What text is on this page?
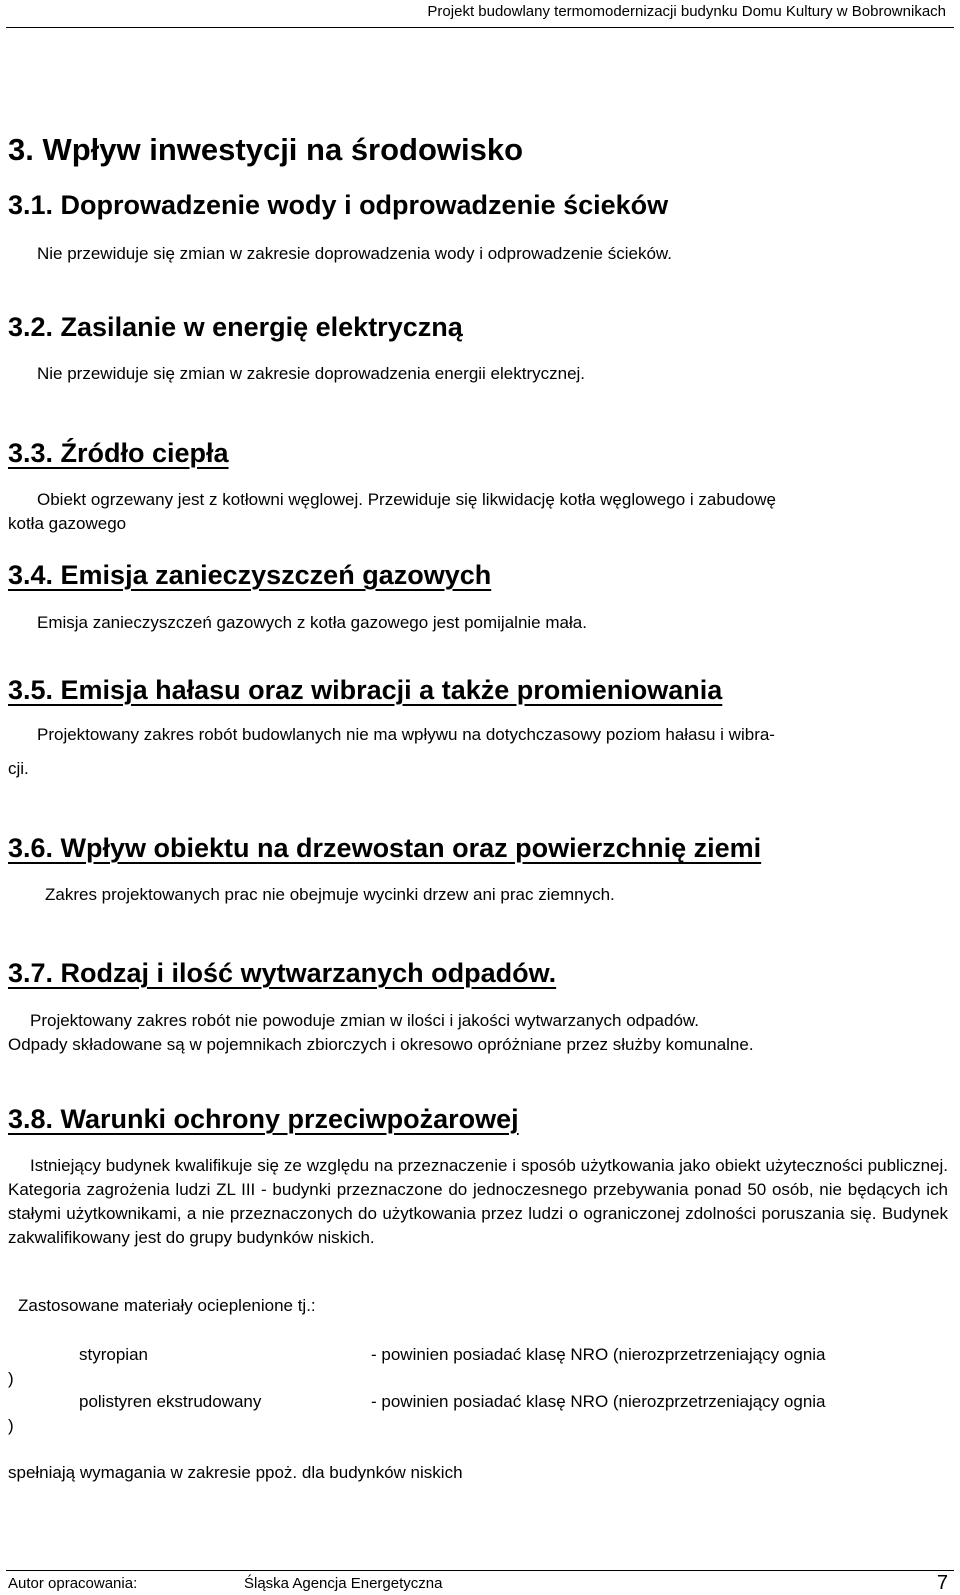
Projekt budowlany termomodernizacji budynku Domu Kultury w Bobrownikach
3. Wpływ inwestycji na środowisko
3.1. Doprowadzenie wody i odprowadzenie ścieków
Nie przewiduje się zmian w zakresie doprowadzenia wody i odprowadzenie ścieków.
3.2. Zasilanie w energię elektryczną
Nie przewiduje się zmian w zakresie doprowadzenia energii elektrycznej.
3.3. Źródło ciepła
Obiekt ogrzewany jest z kotłowni węglowej. Przewiduje się likwidację kotła węglowego i zabudowę
kotła gazowego
3.4. Emisja zanieczyszczeń gazowych
Emisja zanieczyszczeń gazowych z kotła gazowego jest pomijalnie mała.
3.5. Emisja hałasu oraz wibracji a także promieniowania
Projektowany zakres robót budowlanych nie ma wpływu na dotychczasowy poziom hałasu i wibra-
cji.
3.6. Wpływ obiektu na drzewostan oraz powierzchnię ziemi
Zakres projektowanych prac nie obejmuje wycinki drzew ani prac ziemnych.
3.7. Rodzaj i ilość wytwarzanych odpadów.
Projektowany zakres robót nie powoduje zmian w ilości i jakości wytwarzanych odpadów.
Odpady składowane są w pojemnikach zbiorczych i okresowo opróżniane przez służby komunalne.
3.8. Warunki ochrony przeciwpożarowej
Istniejący budynek kwalifikuje się ze względu na przeznaczenie i sposób użytkowania jako obiekt użyteczności publicznej. Kategoria zagrożenia ludzi ZL III - budynki przeznaczone do jednoczesnego przebywania ponad 50 osób, nie będących ich stałymi użytkownikami, a nie przeznaczonych do użytkowania przez ludzi o ograniczonej zdolności poruszania się. Budynek zakwalifikowany jest do grupy budynków niskich.
Zastosowane materiały ocieplenione tj.:
styropian	- powinien posiadać klasę NRO (nierozprzetrzeniający ognia
)
polistyren ekstrudowany	- powinien posiadać klasę NRO (nierozprzetrzeniający ognia
)
spełniają wymagania w zakresie ppoż. dla budynków niskich
Autor opracowania:	Śląska Agencja Energetyczna	7
